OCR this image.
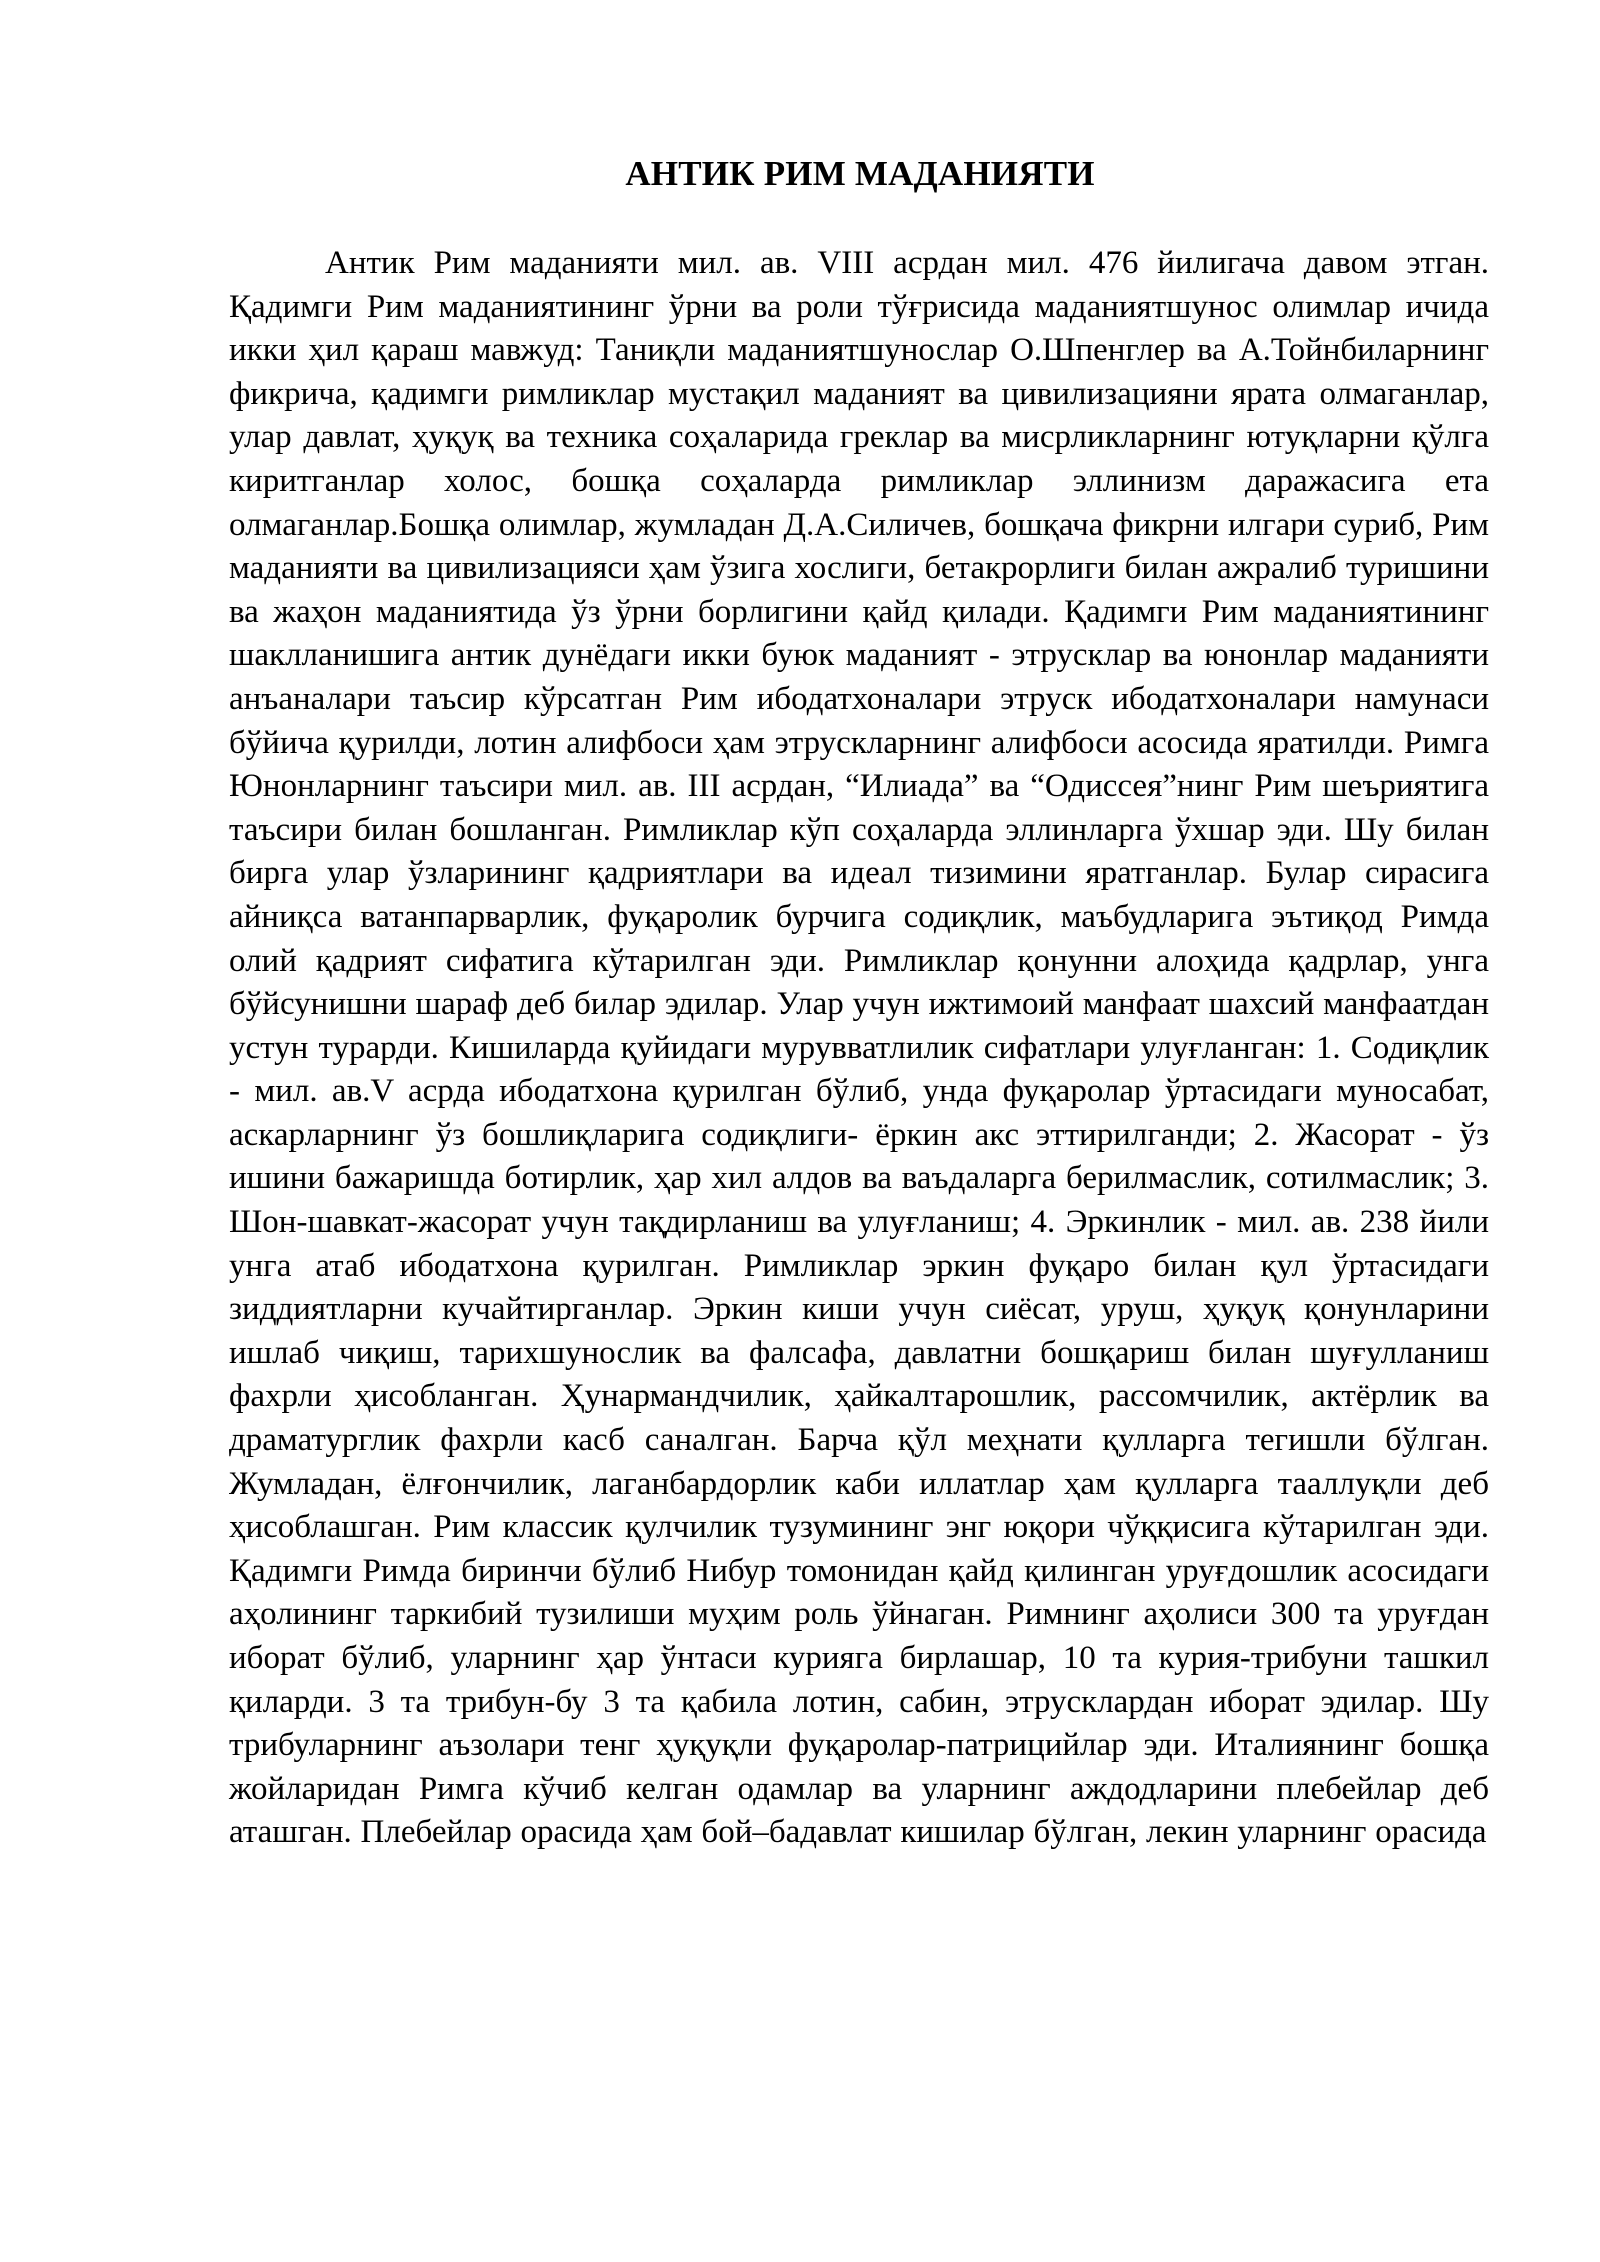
АНТИК РИМ МАДАНИЯТИ

Антик Рим маданияти мил. ав. VIII асрдан мил. 476 йилигача давом этган. Қадимги Рим маданиятининг ўрни ва роли тўғрисида маданиятшунос олимлар ичида икки ҳил қараш мавжуд: Таниқли маданиятшунослар О.Шпенглер ва А.Тойнбиларнинг фикрича, қадимги римликлар мустақил маданият ва цивилизацияни ярата олмаганлар, улар давлат, ҳуқуқ ва техника соҳаларида греклар ва мисрликларнинг ютуқларни қўлга киритганлар холос, бошқа соҳаларда римликлар эллинизм даражасига ета олмаганлар.Бошқа олимлар, жумладан Д.А.Силичев, бошқача фикрни илгари суриб, Рим маданияти ва цивилизацияси ҳам ўзига хослиги, бетакрорлиги билан ажралиб туришини ва жаҳон маданиятида ўз ўрни борлигини қайд қилади. Қадимги Рим маданиятининг шаклланишига антик дунёдаги икки буюк маданият - этрусклар ва юнонлар маданияти анъаналари таъсир кўрсатган Рим ибодатхоналари этруск ибодатхоналари намунаси бўйича қурилди, лотин алифбоси ҳам этрускларнинг алифбоси асосида яратилди. Римга Юнонларнинг таъсири мил. ав. III асрдан, “Илиада” ва “Одиссея”нинг Рим шеъриятига таъсири билан бошланган. Римликлар кўп соҳаларда эллинларга ўхшар эди. Шу билан бирга улар ўзларининг қадриятлари ва идеал тизимини яратганлар. Булар сирасига айниқса ватанпарварлик, фуқаролик бурчига содиқлик, маъбудларига эътиқод Римда олий қадрият сифатига кўтарилган эди. Римликлар қонунни алоҳида қадрлар, унга бўйсунишни шараф деб билар эдилар. Улар учун ижтимоий манфаат шахсий манфаатдан устун турарди. Кишиларда қуйидаги мурувватлилик сифатлари улуғланган: 1. Содиқлик - мил. ав.V асрда ибодатхона қурилган бўлиб, унда фуқаролар ўртасидаги муносабат, аскарларнинг ўз бошлиқларига содиқлиги- ёркин акс эттирилганди; 2. Жасорат - ўз ишини бажаришда ботирлик, ҳар хил алдов ва ваъдаларга берилмаслик, сотилмаслик; 3. Шон-шавкат-жасорат учун тақдирланиш ва улуғланиш; 4. Эркинлик - мил. ав. 238 йили унга атаб ибодатхона қурилган. Римликлар эркин фуқаро билан қул ўртасидаги зиддиятларни кучайтирганлар. Эркин киши учун сиёсат, уруш, ҳуқуқ қонунларини ишлаб чиқиш, тарихшунослик ва фалсафа, давлатни бошқариш билан шуғулланиш фахрли ҳисобланган. Ҳунармандчилик, ҳайкалтарошлик, рассомчилик, актёрлик ва драматурглик фахрли касб саналган. Барча қўл меҳнати қулларга тегишли бўлган. Жумладан, ёлғончилик, лаганбардорлик каби иллатлар ҳам қулларга тааллуқли деб ҳисоблашган. Рим классик қулчилик тузумининг энг юқори чўққисига кўтарилган эди. Қадимги Римда биринчи бўлиб Нибур томонидан қайд қилинган уруғдошлик асосидаги аҳолининг таркибий тузилиши муҳим роль ўйнаган. Римнинг аҳолиси 300 та уруғдан иборат бўлиб, уларнинг ҳар ўнтаси курияга бирлашар, 10 та курия-трибуни ташкил қиларди. 3 та трибун-бу 3 та қабила лотин, сабин, этрусклардан иборат эдилар. Шу трибуларнинг аъзолари тенг ҳуқуқли фуқаролар-патрицийлар эди. Италиянинг бошқа жойларидан Римга кўчиб келган одамлар ва уларнинг аждодларини плебейлар деб аташган. Плебейлар орасида ҳам бой–бадавлат кишилар бўлган, лекин уларнинг орасида
